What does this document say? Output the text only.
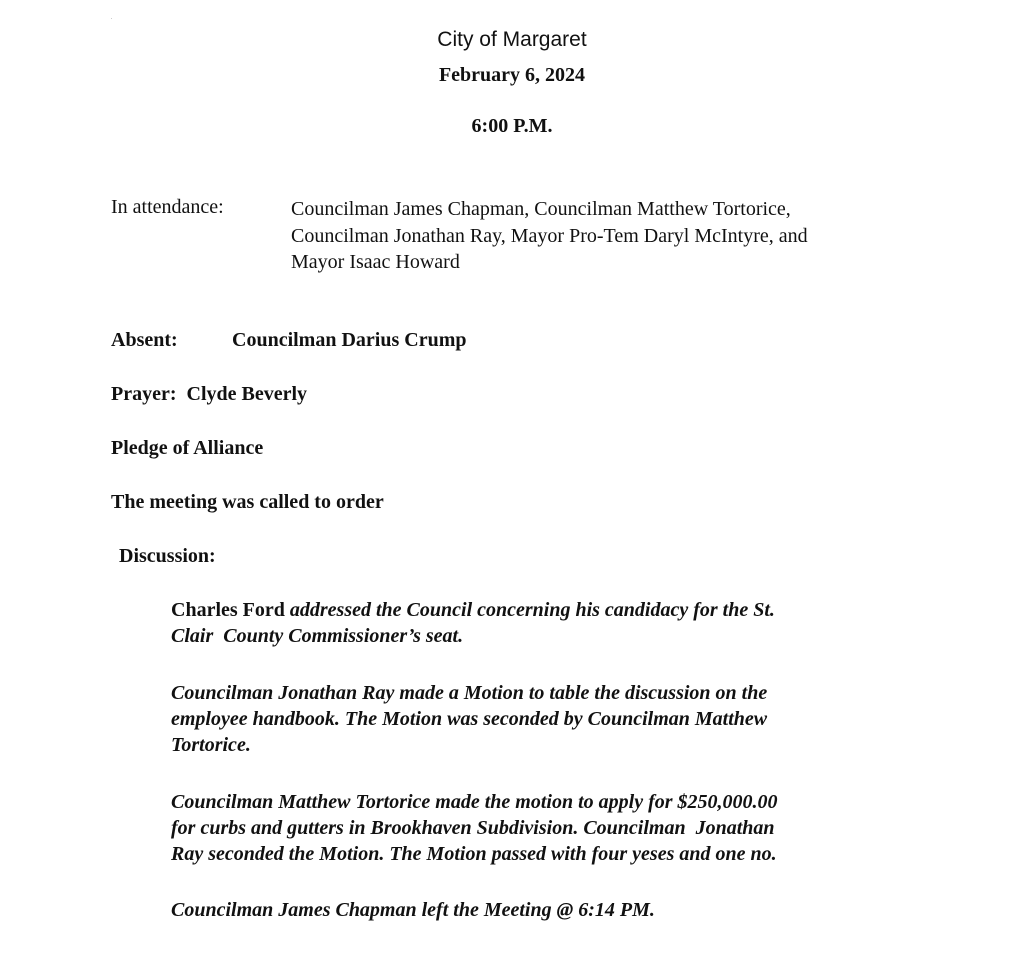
City of Margaret
February 6, 2024
6:00 P.M.
In attendance:	Councilman James Chapman, Councilman Matthew Tortorice,
Councilman Jonathan Ray, Mayor Pro-Tem Daryl McIntyre, and
Mayor Isaac Howard
Absent:	Councilman Darius Crump
Prayer:  Clyde Beverly
Pledge of Alliance
The meeting was called to order
Discussion:
Charles Ford addressed the Council concerning his candidacy for the St.
Clair  County Commissioner’s seat.
Councilman Jonathan Ray made a Motion to table the discussion on the
employee handbook. The Motion was seconded by Councilman Matthew
Tortorice.
Councilman Matthew Tortorice made the motion to apply for $250,000.00
for curbs and gutters in Brookhaven Subdivision. Councilman  Jonathan
Ray seconded the Motion. The Motion passed with four yeses and one no.
Councilman James Chapman left the Meeting @ 6:14 PM.
